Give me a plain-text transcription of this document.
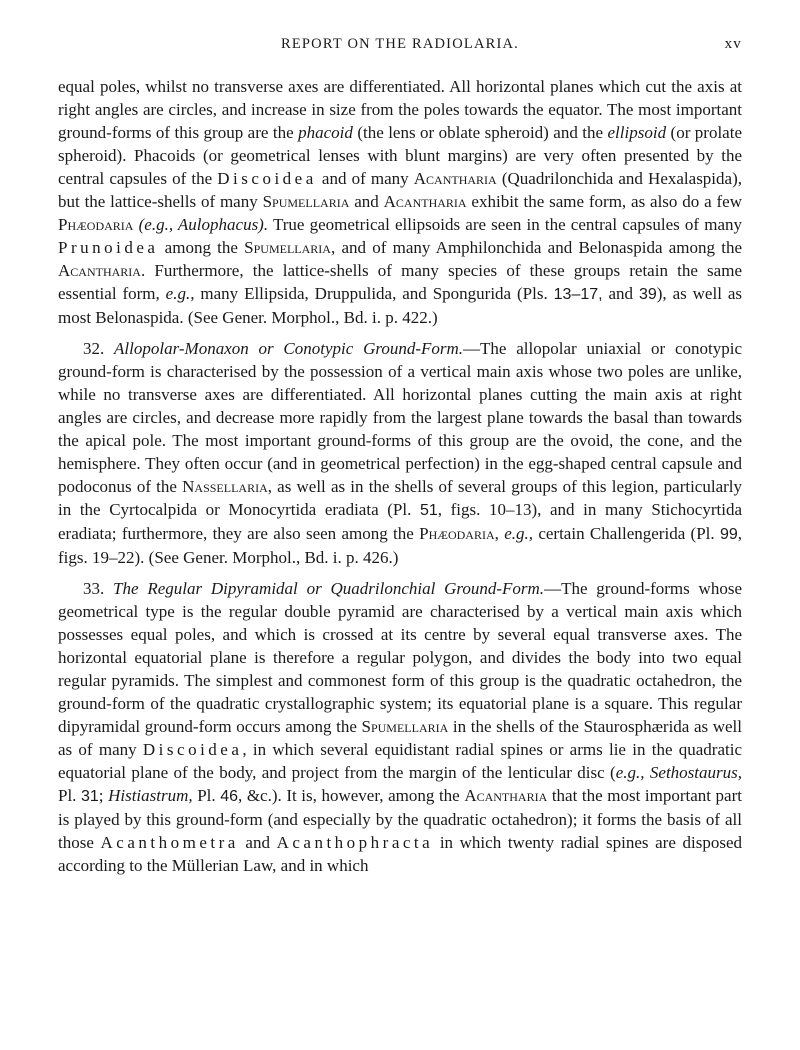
REPORT ON THE RADIOLARIA.	xv

equal poles, whilst no transverse axes are differentiated. All horizontal planes which cut the axis at right angles are circles, and increase in size from the poles towards the equator. The most important ground-forms of this group are the phacoid (the lens or oblate spheroid) and the ellipsoid (or prolate spheroid). Phacoids (or geometrical lenses with blunt margins) are very often presented by the central capsules of the Discoidea and of many Acantharia (Quadrilonchida and Hexalaspida), but the lattice-shells of many Spumellaria and Acantharia exhibit the same form, as also do a few Phæodaria (e.g., Aulophacus). True geometrical ellipsoids are seen in the central capsules of many Prunoidea among the Spumellaria, and of many Amphilonchida and Belonaspida among the Acantharia. Furthermore, the lattice-shells of many species of these groups retain the same essential form, e.g., many Ellipsida, Druppulida, and Spongurida (Pls. 13–17, and 39), as well as most Belonaspida. (See Gener. Morphol., Bd. i. p. 422.)

32. Allopolar-Monaxon or Conotypic Ground-Form.—The allopolar uniaxial or conotypic ground-form is characterised by the possession of a vertical main axis whose two poles are unlike, while no transverse axes are differentiated. All horizontal planes cutting the main axis at right angles are circles, and decrease more rapidly from the largest plane towards the basal than towards the apical pole. The most important ground-forms of this group are the ovoid, the cone, and the hemisphere. They often occur (and in geometrical perfection) in the egg-shaped central capsule and podoconus of the Nassellaria, as well as in the shells of several groups of this legion, particularly in the Cyrtocalpida or Monocyrtida eradiata (Pl. 51, figs. 10–13), and in many Stichocyrtida eradiata; furthermore, they are also seen among the Phæodaria, e.g., certain Challengerida (Pl. 99, figs. 19–22). (See Gener. Morphol., Bd. i. p. 426.)

33. The Regular Dipyramidal or Quadrilonchial Ground-Form.—The ground-forms whose geometrical type is the regular double pyramid are characterised by a vertical main axis which possesses equal poles, and which is crossed at its centre by several equal transverse axes. The horizontal equatorial plane is therefore a regular polygon, and divides the body into two equal regular pyramids. The simplest and commonest form of this group is the quadratic octahedron, the ground-form of the quadratic crystallographic system; its equatorial plane is a square. This regular dipyramidal ground-form occurs among the Spumellaria in the shells of the Staurosphærida as well as of many Discoidea, in which several equidistant radial spines or arms lie in the quadratic equatorial plane of the body, and project from the margin of the lenticular disc (e.g., Sethostaurus, Pl. 31; Histiastrum, Pl. 46, &c.). It is, however, among the Acantharia that the most important part is played by this ground-form (and especially by the quadratic octahedron); it forms the basis of all those Acanthometra and Acanthophracta in which twenty radial spines are disposed according to the Müllerian Law, and in which
